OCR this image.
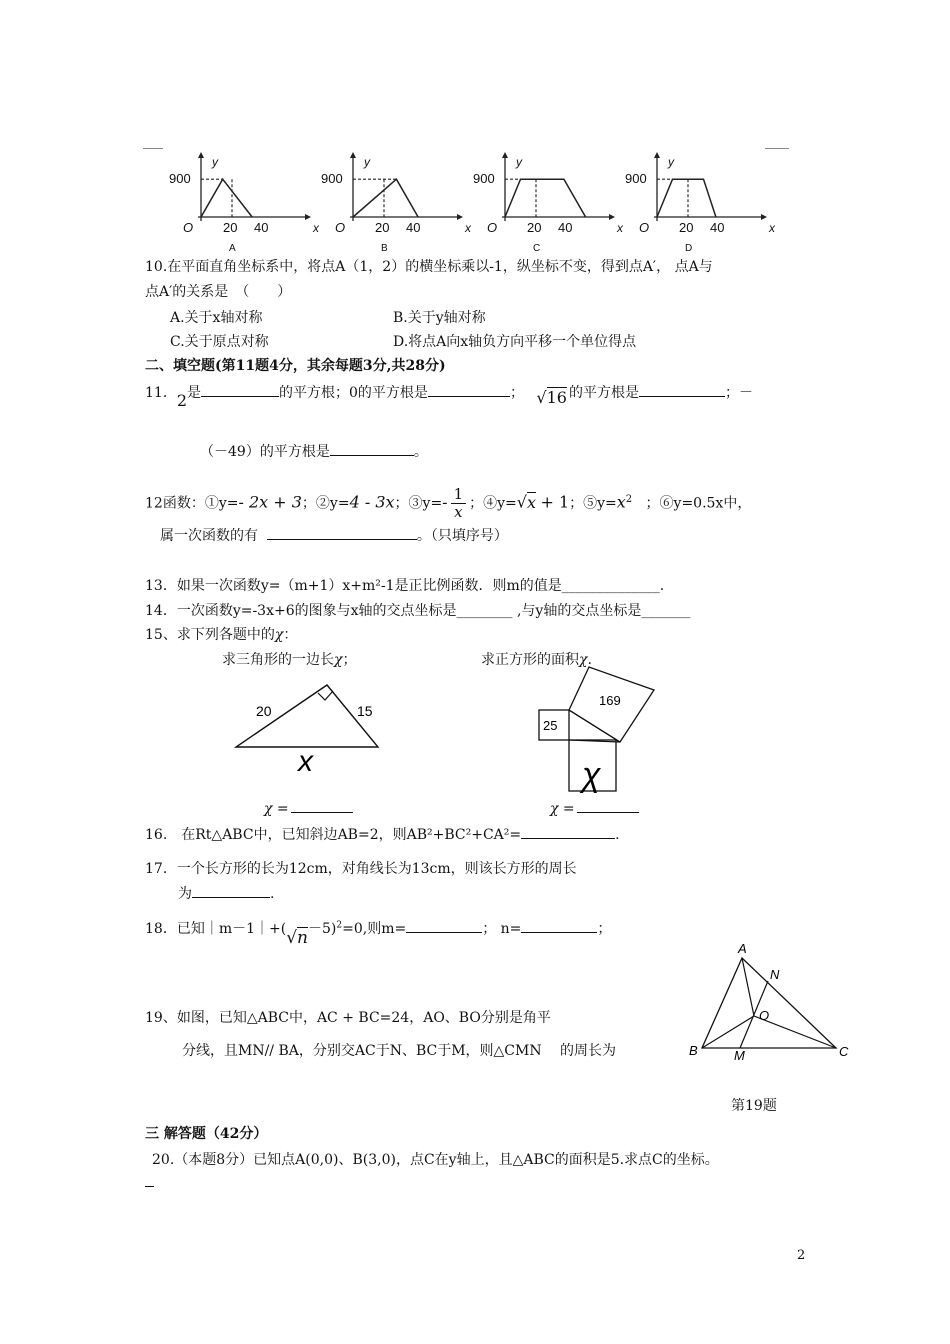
900
y
x
O 20 40
A
900
y
x
O 20 40
B
900
y
x
O 20 40
C
900
y
x
O 20 40
D
10.在平面直角坐标系中，将点A（1，2）的横坐标乘以-1，纵坐标不变，得到点A′， 点A与
点A′的关系是　（　　）
A.关于x轴对称	B.关于y轴对称
C.关于原点对称	D.将点A向x轴负方向平移一个单位得点
二、填空题(第11题4分，其余每题3分,共28分)
11．2是	的平方根；0的平方根是	； √16 的平方根是	；－
（－49）的平方根是	。
12函数：①y=- 2x + 3；②y=4 - 3x；③y=- $\frac{1}{x}$ ；④y=√x + 1；$⑤y=x^2$ ；⑥y=0.5x中，
属一次函数的有	。（只填序号）
13．如果一次函数y=（m+1）x+m²-1是正比例函数．则m的值是______________.
14．一次函数y=-3x+6的图象与x轴的交点坐标是________ ,与y轴的交点坐标是_______
15、求下列各题中的χ：
求三角形的一边长χ；	求正方形的面积χ.
20	15
x
25
169
χ
χ =	χ =
16.　在Rt△ABC中，已知斜边AB=2，则AB²+BC²+CA²=	.
17．一个长方形的长为12cm，对角线长为13cm，则该长方形的周长
为	.
18．已知$|m-1|+(√n-5)^2=0$,则m=	； n=	；
19、如图，已知△ABC中，AC + BC=24，AO、BO分别是角平
分线，且MN// BA，分别交AC于N、BC于M，则△CMN　 的周长为
A
B	C
N
O
M
第19题
三 解答题（42分）
20.（本题8分）已知点A(0,0)、B(3,0)，点C在y轴上，且△ABC的面积是5.求点C的坐标。
2
